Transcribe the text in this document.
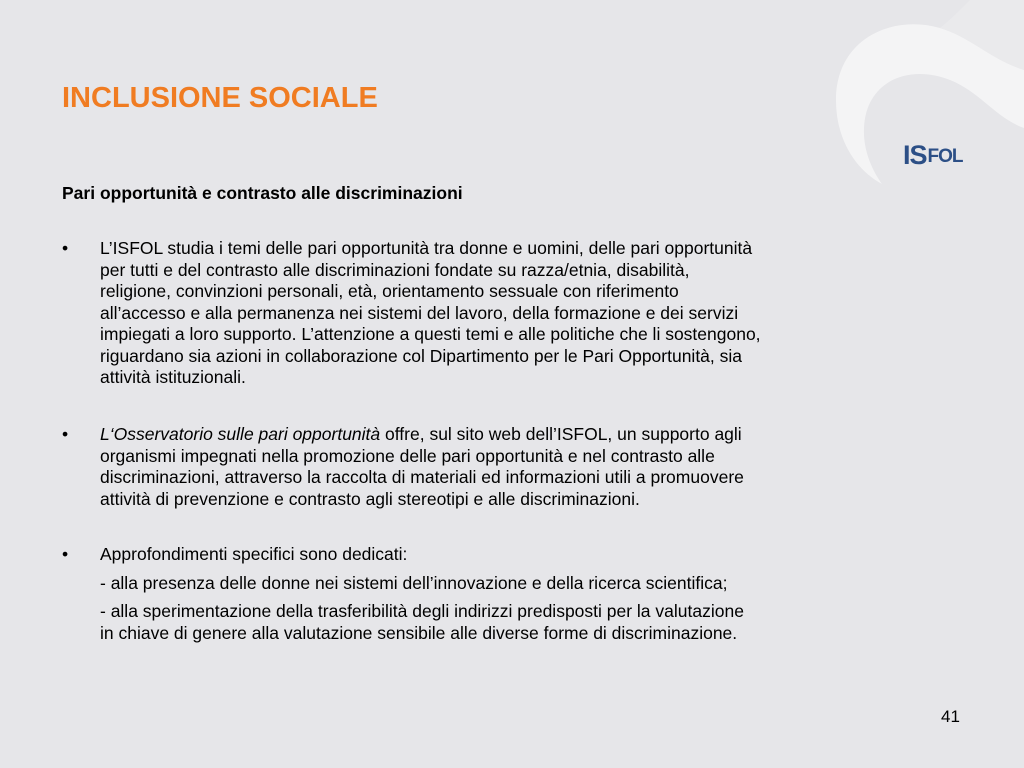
I S FOL
INCLUSIONE SOCIALE
Pari opportunità e contrasto alle discriminazioni
• L’ISFOL studia i temi delle pari opportunità tra donne e uomini, delle pari opportunità
per tutti e del contrasto alle discriminazioni fondate su razza/etnia, disabilità,
religione, convinzioni personali, età, orientamento sessuale con riferimento
all’accesso e alla permanenza nei sistemi del lavoro, della formazione e dei servizi
impiegati a loro supporto. L’attenzione a questi temi e alle politiche che li sostengono,
riguardano sia azioni in collaborazione col Dipartimento per le Pari Opportunità, sia
attività istituzionali.
• L‘Osservatorio sulle pari opportunità offre, sul sito web dell’ISFOL, un supporto agli
organismi impegnati nella promozione delle pari opportunità e nel contrasto alle
discriminazioni, attraverso la raccolta di materiali ed informazioni utili a promuovere
attività di prevenzione e contrasto agli stereotipi e alle discriminazioni.
• Approfondimenti specifici sono dedicati:
- alla presenza delle donne nei sistemi dell’innovazione e della ricerca scientifica;
- alla sperimentazione della trasferibilità degli indirizzi predisposti per la valutazione
in chiave di genere alla valutazione sensibile alle diverse forme di discriminazione.
41
